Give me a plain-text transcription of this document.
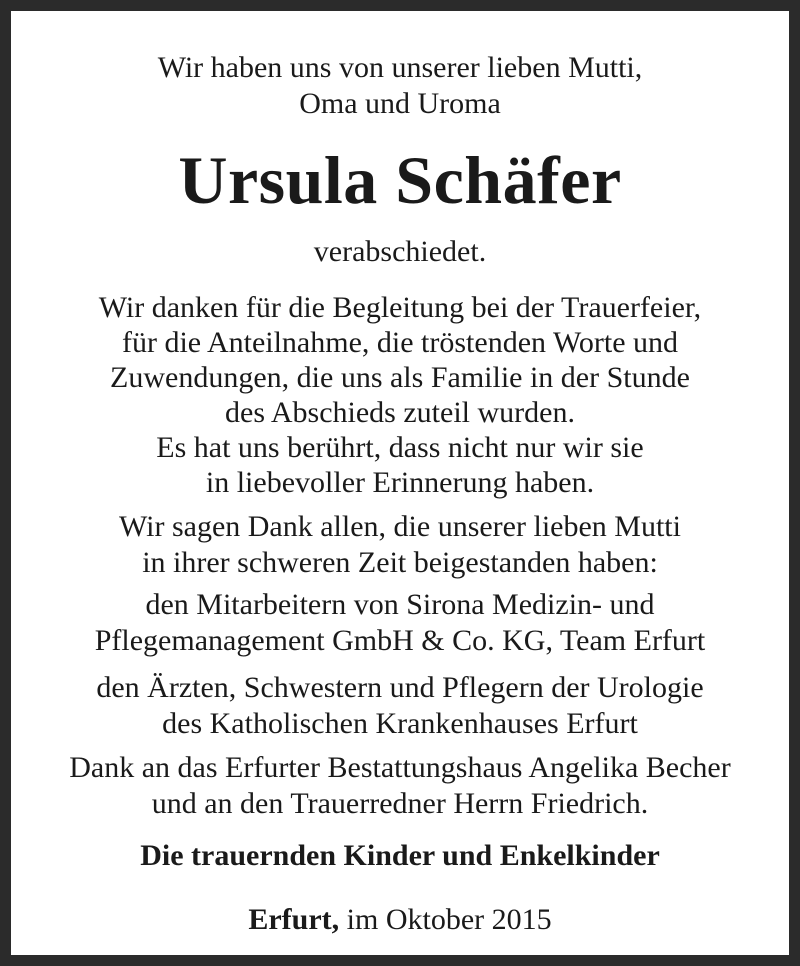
Wir haben uns von unserer lieben Mutti,
Oma und Uroma
Ursula Schäfer
verabschiedet.
Wir danken für die Begleitung bei der Trauerfeier,
für die Anteilnahme, die tröstenden Worte und
Zuwendungen, die uns als Familie in der Stunde
des Abschieds zuteil wurden.
Es hat uns berührt, dass nicht nur wir sie
in liebevoller Erinnerung haben.
Wir sagen Dank allen, die unserer lieben Mutti
in ihrer schweren Zeit beigestanden haben:
den Mitarbeitern von Sirona Medizin- und
Pflegemanagement GmbH & Co. KG, Team Erfurt
den Ärzten, Schwestern und Pflegern der Urologie
des Katholischen Krankenhauses Erfurt
Dank an das Erfurter Bestattungshaus Angelika Becher
und an den Trauerredner Herrn Friedrich.
Die trauernden Kinder und Enkelkinder
Erfurt, im Oktober 2015
